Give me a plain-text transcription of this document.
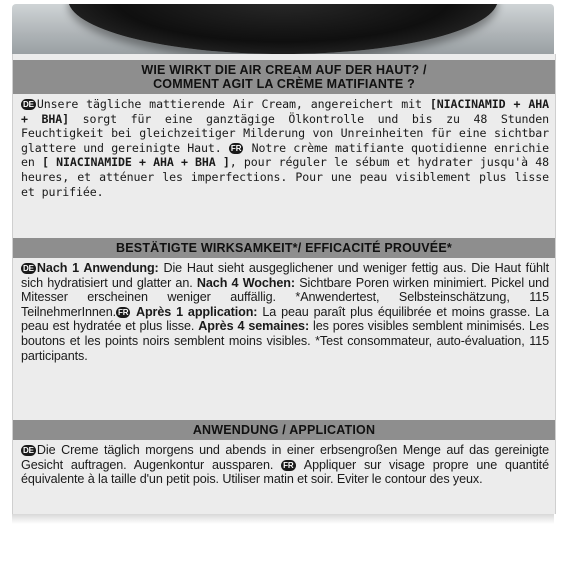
WIE WIRKT DIE AIR CREAM AUF DER HAUT? /
COMMENT AGIT LA CRÈME MATIFIANTE ?
DE Unsere tägliche mattierende Air Cream, angereichert mit [NIACINAMID + AHA + BHA] sorgt für eine ganztägige Ölkontrolle und bis zu 48 Stunden Feuchtigkeit bei gleichzeitiger Milderung von Unreinheiten für eine sichtbar glattere und gereinigte Haut. FR Notre crème matifiante quotidienne enrichie en [ NIACINAMIDE + AHA + BHA ], pour réguler le sébum et hydrater jusqu'à 48 heures, et atténuer les imperfections. Pour une peau visiblement plus lisse et purifiée.
BESTÄTIGTE WIRKSAMKEIT*/ EFFICACITÉ PROUVÉE*
DE Nach 1 Anwendung: Die Haut sieht ausgeglichener und weniger fettig aus. Die Haut fühlt sich hydratisiert und glatter an. Nach 4 Wochen: Sichtbare Poren wirken minimiert. Pickel und Mitesser erscheinen weniger auffällig. *Anwendertest, Selbsteinschätzung, 115 TeilnehmerInnen. FR Après 1 application: La peau paraît plus équilibrée et moins grasse. La peau est hydratée et plus lisse. Après 4 semaines: les pores visibles semblent minimisés. Les boutons et les points noirs semblent moins visibles. *Test consommateur, auto-évaluation, 115 participants.
ANWENDUNG / APPLICATION
DE Die Creme täglich morgens und abends in einer erbsengroßen Menge auf das gereinigte Gesicht auftragen. Augenkontur aussparen. FR Appliquer sur visage propre une quantité équivalente à la taille d'un petit pois. Utiliser matin et soir. Eviter le contour des yeux.
